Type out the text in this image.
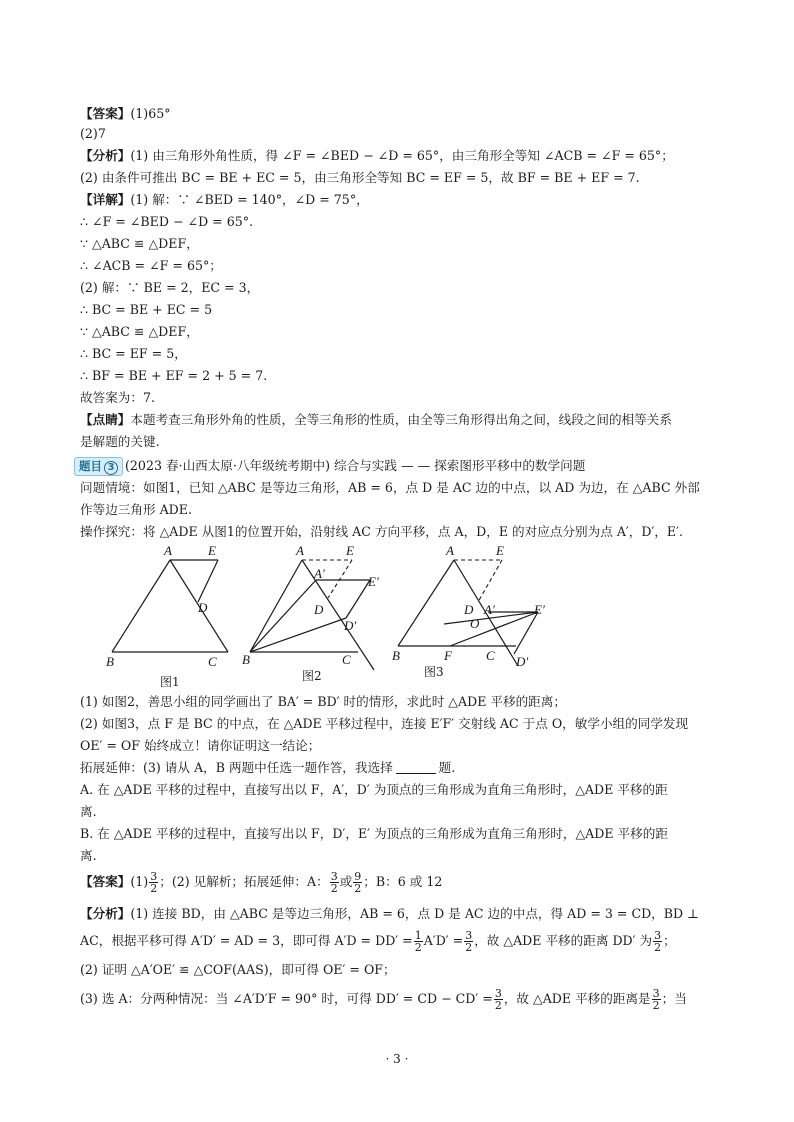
【答案】(1)65°
(2)7
【分析】(1) 由三角形外角性质，得 ∠F = ∠BED − ∠D = 65°，由三角形全等知 ∠ACB = ∠F = 65°；
(2) 由条件可推出 BC = BE + EC = 5，由三角形全等知 BC = EF = 5，故 BF = BE + EF = 7.
【详解】(1) 解：∵ ∠BED = 140°，∠D = 75°，
∴ ∠F = ∠BED − ∠D = 65°.
∵ △ABC ≌ △DEF，
∴ ∠ACB = ∠F = 65°；
(2) 解：∵ BE = 2，EC = 3，
∴ BC = BE + EC = 5
∵ △ABC ≌ △DEF，
∴ BC = EF = 5，
∴ BF = BE + EF = 2 + 5 = 7.
故答案为：7.
【点睛】本题考查三角形外角的性质，全等三角形的性质，由全等三角形得出角之间，线段之间的相等关系
是解题的关键.
题目 3 (2023 春·山西太原·八年级统考期中) 综合与实践 — — 探索图形平移中的数学问题
问题情境：如图1，已知 △ABC 是等边三角形，AB = 6，点 D 是 AC 边的中点，以 AD 为边，在 △ABC 外部
作等边三角形 ADE.
操作探究：将 △ADE 从图1的位置开始，沿射线 AC 方向平移，点 A，D，E 的对应点分别为点 A′，D′，E′.
A	E
D
B	C
图1
A	E
A′
E′
D
D′
B	C
图2
A	E
D A′	E′
O
B	F	C D′
图3
(1) 如图2，善思小组的同学画出了 BA′ = BD′ 时的情形，求此时 △ADE 平移的距离；
(2) 如图3，点 F 是 BC 的中点，在 △ADE 平移过程中，连接 E′F′ 交射线 AC 于点 O，敏学小组的同学发现
OE′ = OF 始终成立！请你证明这一结论；
拓展延伸：(3) 请从 A，B 两题中任选一题作答，我选择	题.
A. 在 △ADE 平移的过程中，直接写出以 F，A′，D′ 为顶点的三角形成为直角三角形时，△ADE 平移的距
离.
B. 在 △ADE 平移的过程中，直接写出以 F，D′，E′ 为顶点的三角形成为直角三角形时，△ADE 平移的距
离.
【答案】$(1) \frac{3}{2}$ ；(2) 见解析；拓展延伸：A： $\frac{3}{2}$ 或 $\frac{9}{2}$ ；B：6 或 12
【分析】(1) 连接 BD，由 △ABC 是等边三角形，AB = 6，点 D 是 AC 边的中点，得 AD = 3 = CD，BD ⊥
AC，根据平移可得 A′D′ = AD = 3，即可得 $A'D = DD' = \frac{1}{2} A'D' = \frac{3}{2}$ ，故 △ADE 平移的距离 DD′ 为 $\frac{3}{2}$ ；
(2) 证明 △A′OE′ ≌ △COF(AAS)，即可得 OE′ = OF；
(3) 选 A：分两种情况：当 ∠A′D′F = 90° 时，可得 DD′ = CD − $CD' = \frac{3}{2}$ ，故 △ADE 平移的距离是 $\frac{3}{2}$ ；当
· 3 ·
